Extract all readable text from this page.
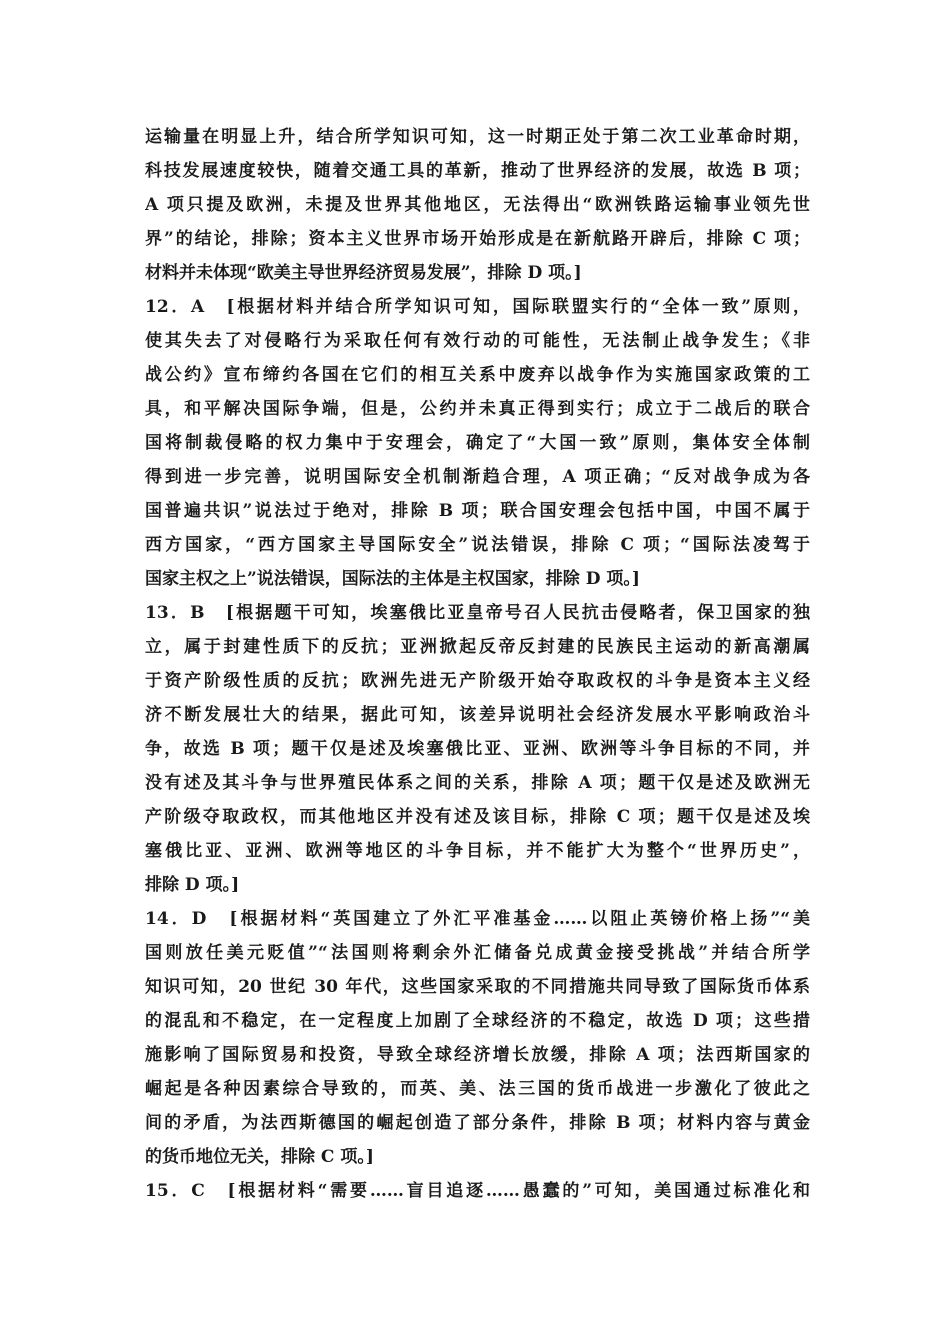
运输量在明显上升，结合所学知识可知，这一时期正处于第二次工业革命时期，
科技发展速度较快，随着交通工具的革新，推动了世界经济的发展，故选 B 项；
A 项只提及欧洲，未提及世界其他地区，无法得出“欧洲铁路运输事业领先世
界”的结论，排除；资本主义世界市场开始形成是在新航路开辟后，排除 C 项；
材料并未体现“欧美主导世界经济贸易发展”，排除 D 项。]
12．A　[根据材料并结合所学知识可知，国际联盟实行的“全体一致”原则，
使其失去了对侵略行为采取任何有效行动的可能性，无法制止战争发生；《非
战公约》宣布缔约各国在它们的相互关系中废弃以战争作为实施国家政策的工
具，和平解决国际争端，但是，公约并未真正得到实行；成立于二战后的联合
国将制裁侵略的权力集中于安理会，确定了“大国一致”原则，集体安全体制
得到进一步完善，说明国际安全机制渐趋合理，A 项正确；“反对战争成为各
国普遍共识”说法过于绝对，排除 B 项；联合国安理会包括中国，中国不属于
西方国家，“西方国家主导国际安全”说法错误，排除 C 项；“国际法凌驾于
国家主权之上”说法错误，国际法的主体是主权国家，排除 D 项。]
13．B　[根据题干可知，埃塞俄比亚皇帝号召人民抗击侵略者，保卫国家的独
立，属于封建性质下的反抗；亚洲掀起反帝反封建的民族民主运动的新高潮属
于资产阶级性质的反抗；欧洲先进无产阶级开始夺取政权的斗争是资本主义经
济不断发展壮大的结果，据此可知，该差异说明社会经济发展水平影响政治斗
争，故选 B 项；题干仅是述及埃塞俄比亚、亚洲、欧洲等斗争目标的不同，并
没有述及其斗争与世界殖民体系之间的关系，排除 A 项；题干仅是述及欧洲无
产阶级夺取政权，而其他地区并没有述及该目标，排除 C 项；题干仅是述及埃
塞俄比亚、亚洲、欧洲等地区的斗争目标，并不能扩大为整个“世界历史”，
排除 D 项。]
14．D　[根据材料“英国建立了外汇平准基金……以阻止英镑价格上扬”“美
国则放任美元贬值”“法国则将剩余外汇储备兑成黄金接受挑战”并结合所学
知识可知，20 世纪 30 年代，这些国家采取的不同措施共同导致了国际货币体系
的混乱和不稳定，在一定程度上加剧了全球经济的不稳定，故选 D 项；这些措
施影响了国际贸易和投资，导致全球经济增长放缓，排除 A 项；法西斯国家的
崛起是各种因素综合导致的，而英、美、法三国的货币战进一步激化了彼此之
间的矛盾，为法西斯德国的崛起创造了部分条件，排除 B 项；材料内容与黄金
的货币地位无关，排除 C 项。]
15．C　[根据材料“需要……盲目追逐……愚蠢的”可知，美国通过标准化和
